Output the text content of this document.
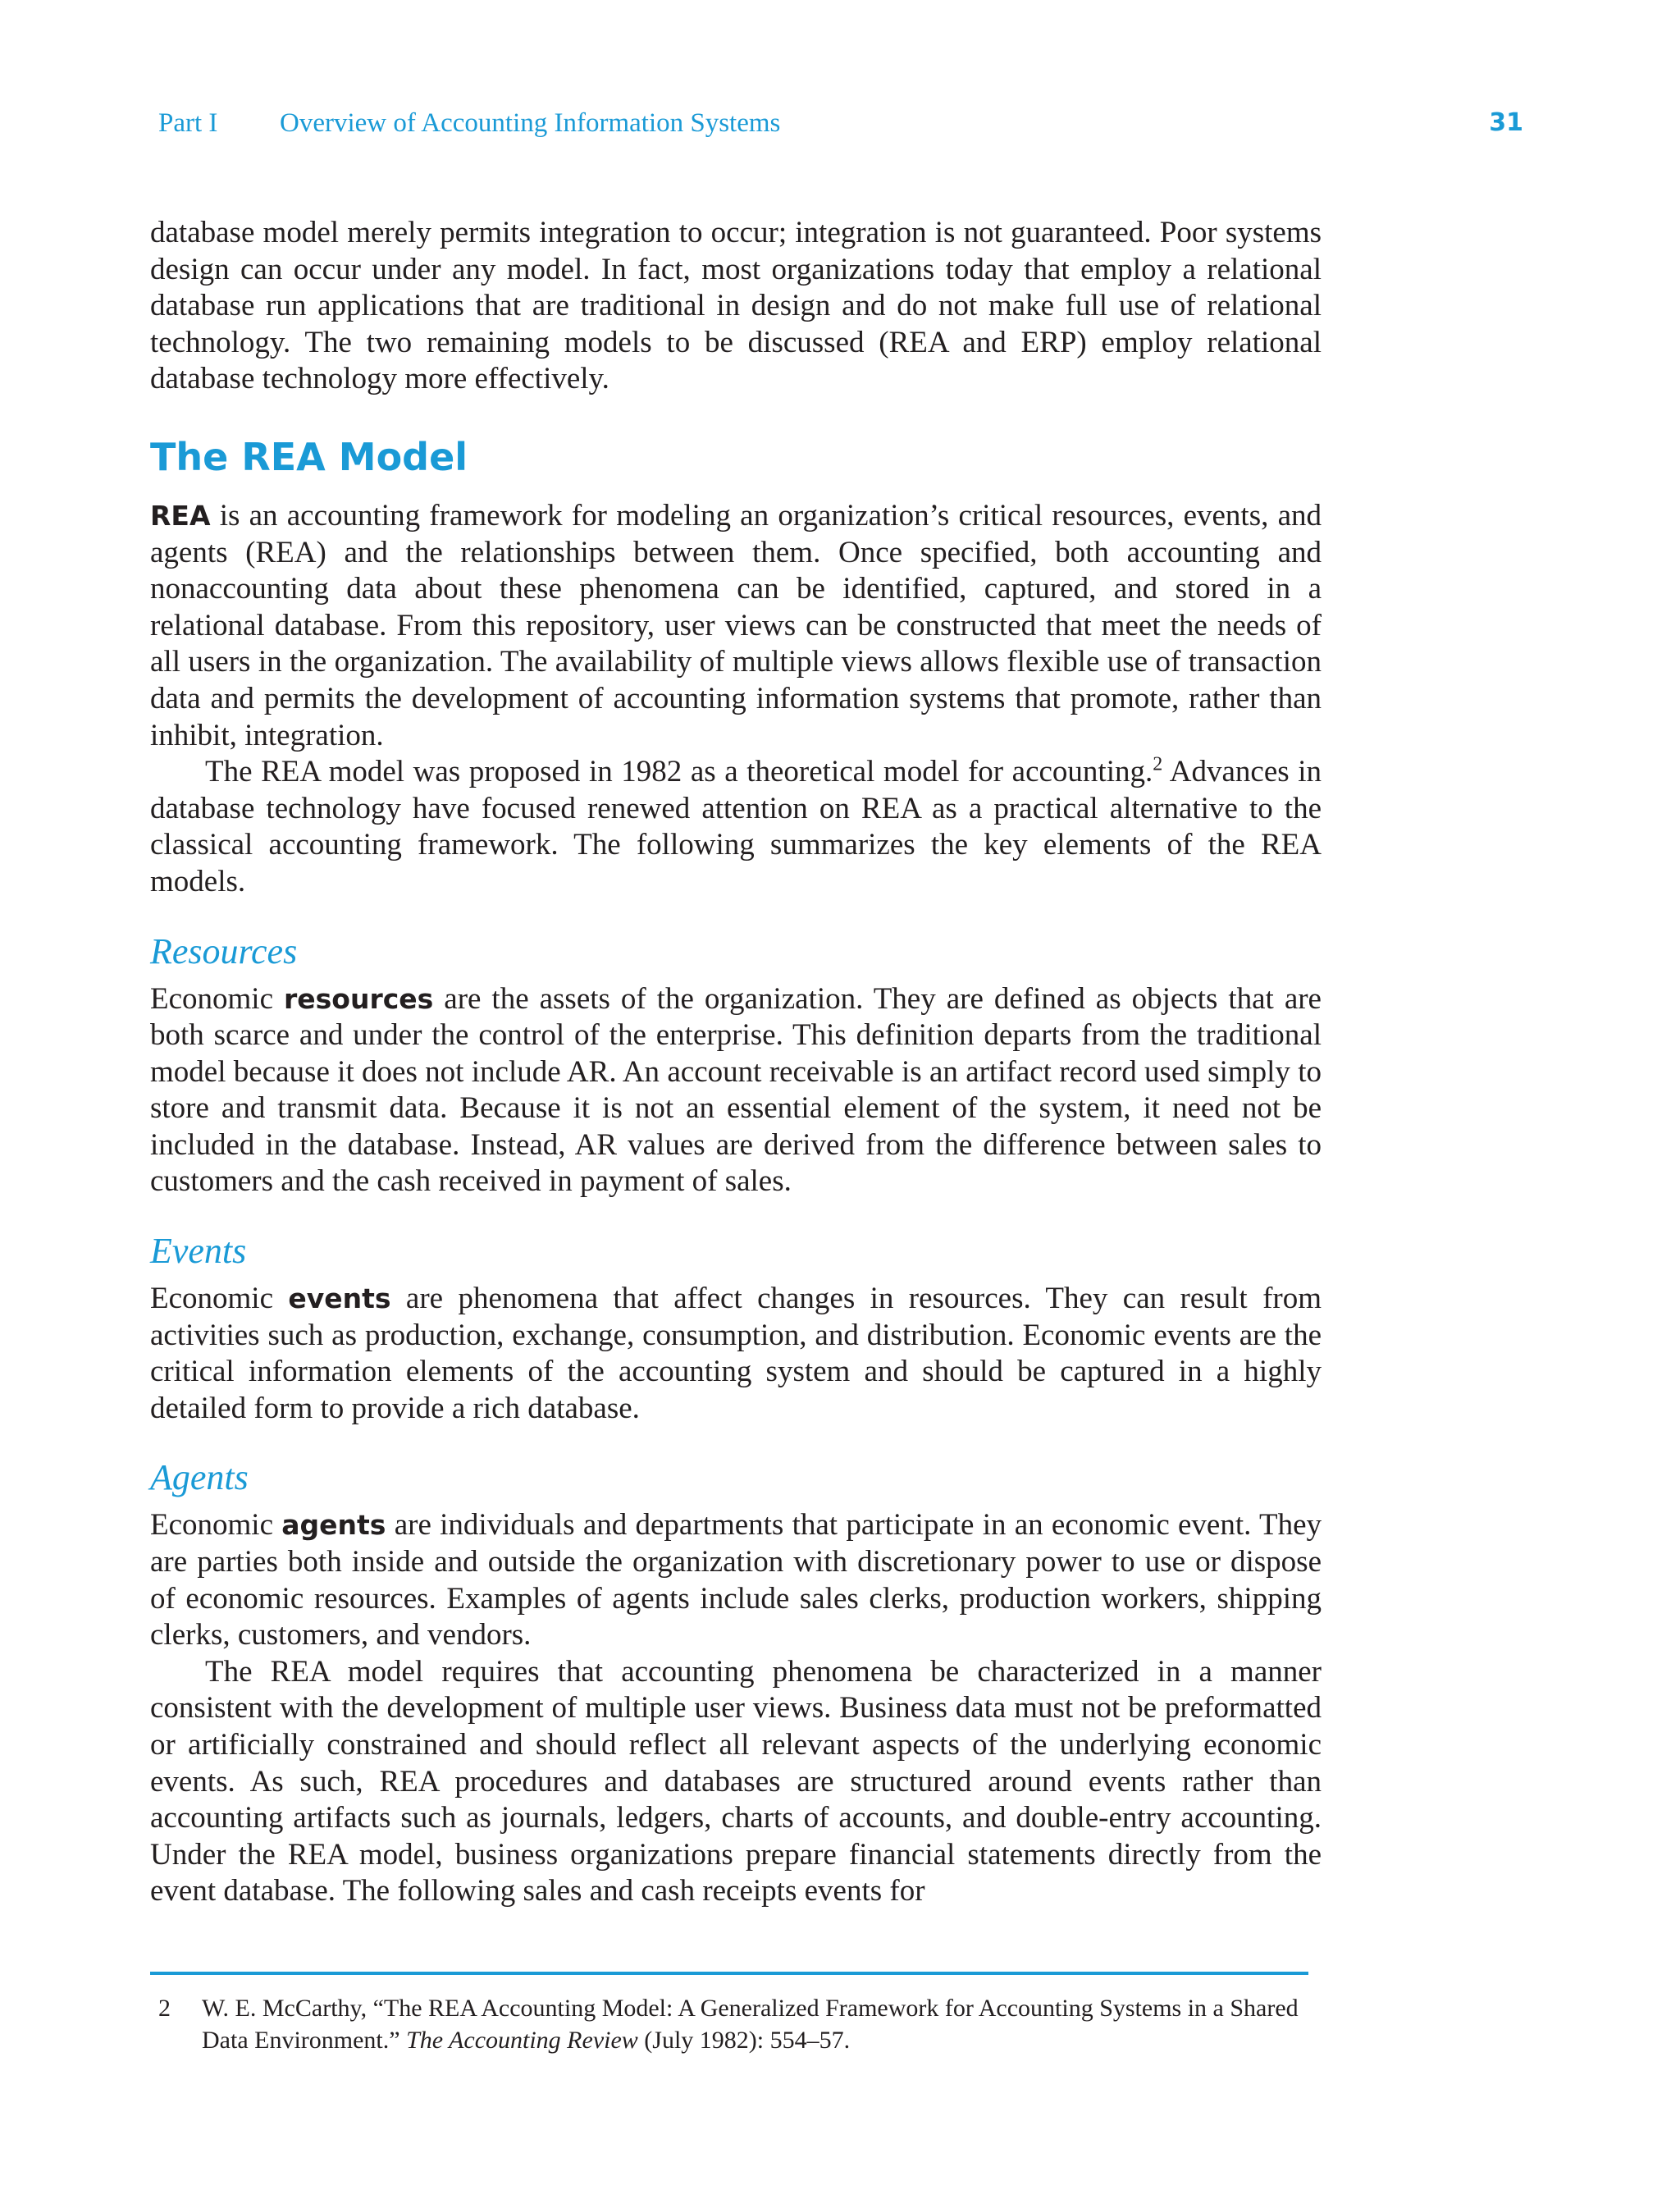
Part I Overview of Accounting Information Systems	31

database model merely permits integration to occur; integration is not guaranteed. Poor systems design can occur under any model. In fact, most organizations today that employ a relational database run applications that are traditional in design and do not make full use of relational technology. The two remaining models to be discussed (REA and ERP) employ relational database technology more effectively.

The REA Model

REA is an accounting framework for modeling an organization’s critical resources, events, and agents (REA) and the relationships between them. Once specified, both accounting and nonaccounting data about these phenomena can be identified, captured, and stored in a relational database. From this repository, user views can be constructed that meet the needs of all users in the organization. The availability of multiple views allows flexible use of transaction data and permits the development of accounting information systems that promote, rather than inhibit, integration.

The REA model was proposed in 1982 as a theoretical model for accounting.$^2$ Advances in database technology have focused renewed attention on REA as a practical alternative to the classical accounting framework. The following summarizes the key elements of the REA models.

Resources

Economic resources are the assets of the organization. They are defined as objects that are both scarce and under the control of the enterprise. This definition departs from the traditional model because it does not include AR. An account receivable is an artifact record used simply to store and transmit data. Because it is not an essential element of the system, it need not be included in the database. Instead, AR values are derived from the difference between sales to customers and the cash received in payment of sales.

Events

Economic events are phenomena that affect changes in resources. They can result from activities such as production, exchange, consumption, and distribution. Economic events are the critical information elements of the accounting system and should be captured in a highly detailed form to provide a rich database.

Agents

Economic agents are individuals and departments that participate in an economic event. They are parties both inside and outside the organization with discretionary power to use or dispose of economic resources. Examples of agents include sales clerks, production workers, shipping clerks, customers, and vendors.

The REA model requires that accounting phenomena be characterized in a manner consistent with the development of multiple user views. Business data must not be preformatted or artificially constrained and should reflect all relevant aspects of the underlying economic events. As such, REA procedures and databases are structured around events rather than accounting artifacts such as journals, ledgers, charts of accounts, and double-entry accounting. Under the REA model, business organizations prepare financial statements directly from the event database. The following sales and cash receipts events for

2 W. E. McCarthy, “The REA Accounting Model: A Generalized Framework for Accounting Systems in a Shared Data Environment.” The Accounting Review (July 1982): 554–57.
